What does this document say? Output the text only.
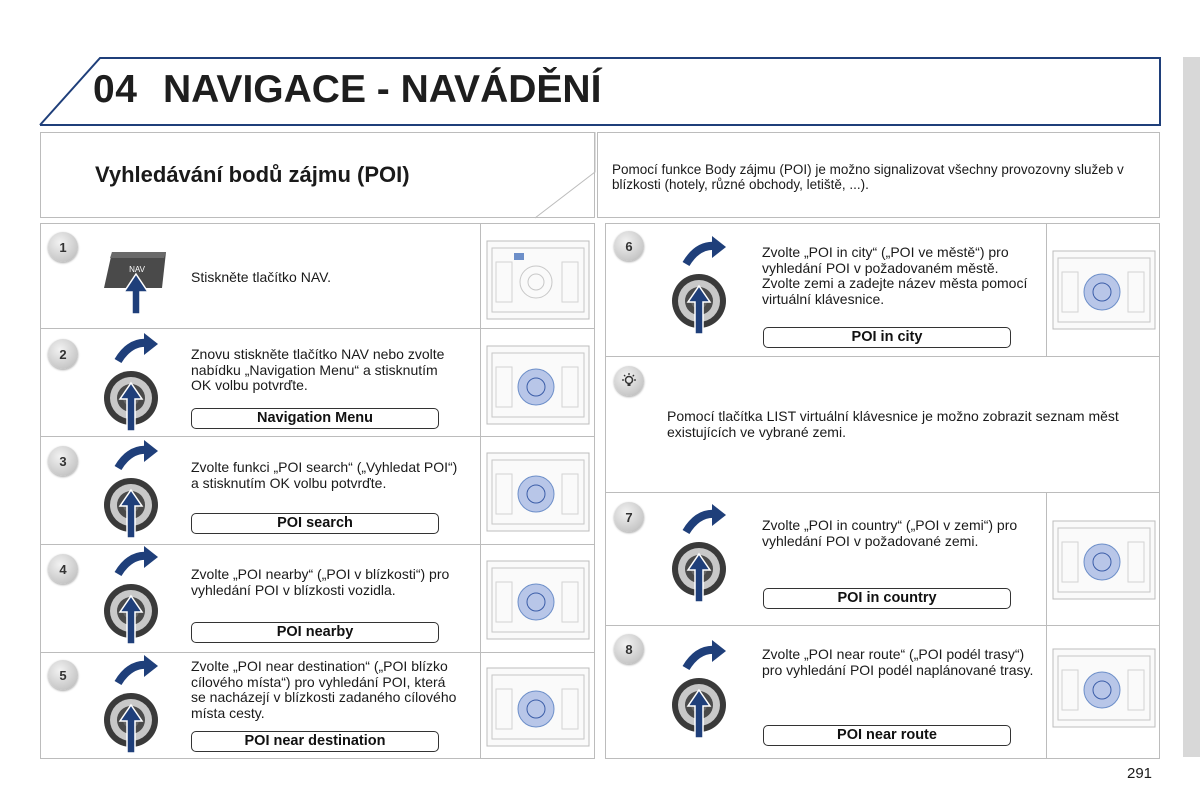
04 NAVIGACE - NAVÁDĚNÍ
Vyhledávání bodů zájmu (POI)	Pomocí funkce Body zájmu (POI) je možno signalizovat všechny provozovny služeb v blízkosti (hotely, různé obchody, letiště, ...).
1
2
3
4
5
6
7
8
NAV	Stiskněte tlačítko NAV.
Znovu stiskněte tlačítko NAV nebo zvolte nabídku „Navigation Menu“ a stisknutím OK volbu potvrďte.
Zvolte funkci „POI search“ („Vyhledat POI“) a stisknutím OK volbu potvrďte.
Zvolte „POI nearby“ („POI v blízkosti“) pro vyhledání POI v blízkosti vozidla.
Zvolte „POI near destination“ („POI blízko cílového místa“) pro vyhledání POI, která se nacházejí v blízkosti zadaného cílového místa cesty.
Zvolte „POI in city“ („POI ve městě“) pro vyhledání POI v požadovaném městě. Zvolte zemi a zadejte název města pomocí virtuální klávesnice.
Pomocí tlačítka LIST virtuální klávesnice je možno zobrazit seznam měst existujících ve vybrané zemi.
Zvolte „POI in country“ („POI v zemi“) pro vyhledání POI v požadované zemi.
Zvolte „POI near route“ („POI podél trasy“) pro vyhledání POI podél naplánované trasy.
Navigation Menu
POI search
POI nearby
POI near destination
POI in city
POI in country
POI near route
291
